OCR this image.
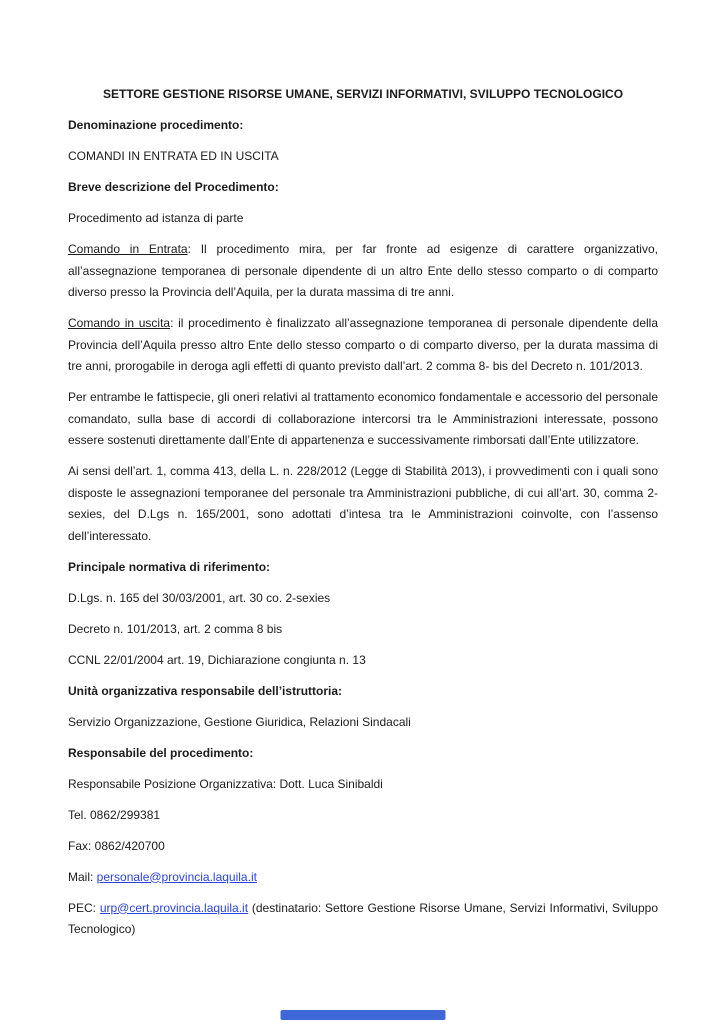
SETTORE GESTIONE RISORSE UMANE, SERVIZI INFORMATIVI, SVILUPPO TECNOLOGICO

Denominazione procedimento:

COMANDI IN ENTRATA ED IN USCITA

Breve descrizione del Procedimento:

Procedimento ad istanza di parte

Comando in Entrata: Il procedimento mira, per far fronte ad esigenze di carattere organizzativo, all’assegnazione temporanea di personale dipendente di un altro Ente dello stesso comparto o di comparto diverso presso la Provincia dell’Aquila, per la durata massima di tre anni.

Comando in uscita: il procedimento è finalizzato all’assegnazione temporanea di personale dipendente della Provincia dell’Aquila presso altro Ente dello stesso comparto o di comparto diverso, per la durata massima di tre anni, prorogabile in deroga agli effetti di quanto previsto dall’art. 2 comma 8- bis del Decreto n. 101/2013.

Per entrambe le fattispecie, gli oneri relativi al trattamento economico fondamentale e accessorio del personale comandato, sulla base di accordi di collaborazione intercorsi tra le Amministrazioni interessate, possono essere sostenuti direttamente dall’Ente di appartenenza e successivamente rimborsati dall’Ente utilizzatore.

Ai sensi dell’art. 1, comma 413, della L. n. 228/2012 (Legge di Stabilità 2013), i provvedimenti con i quali sono disposte le assegnazioni temporanee del personale tra Amministrazioni pubbliche, di cui all’art. 30, comma 2-sexies, del D.Lgs n. 165/2001, sono adottati d’intesa tra le Amministrazioni coinvolte, con l’assenso dell’interessato.

Principale normativa di riferimento:

D.Lgs. n. 165 del 30/03/2001, art. 30 co. 2-sexies

Decreto n. 101/2013, art. 2 comma 8 bis

CCNL 22/01/2004 art. 19, Dichiarazione congiunta n. 13

Unità organizzativa responsabile dell’istruttoria:

Servizio Organizzazione, Gestione Giuridica, Relazioni Sindacali

Responsabile del procedimento:

Responsabile Posizione Organizzativa: Dott. Luca Sinibaldi

Tel. 0862/299381

Fax: 0862/420700

Mail: personale@provincia.laquila.it

PEC: urp@cert.provincia.laquila.it (destinatario: Settore Gestione Risorse Umane, Servizi Informativi, Sviluppo Tecnologico)
